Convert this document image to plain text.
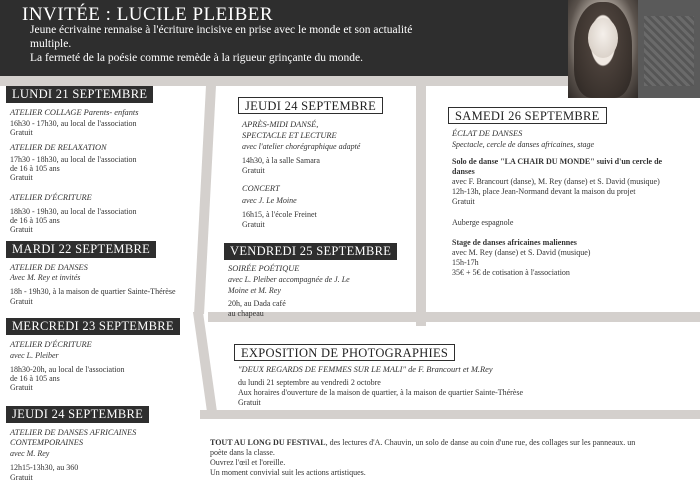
INVITÉE : LUCILE PLEIBER
Jeune écrivaine rennaise à l'écriture incisive en prise avec le monde et son actualité
multiple.
La fermeté de la poésie comme remède à la rigueur grinçante du monde.
LUNDI 21 SEPTEMBRE
ATELIER COLLAGE Parents- enfants
16h30 - 17h30, au local de l'association
Gratuit
ATELIER DE RELAXATION
17h30 - 18h30, au local de l'association
de 16 à 105 ans
Gratuit
ATELIER D'ÉCRITURE
18h30 - 19h30, au local de l'association
de 16 à 105 ans
Gratuit
MARDI 22 SEPTEMBRE
ATELIER DE DANSES
Avec M. Rey et invités
18h - 19h30, à la maison de quartier Sainte-Thérèse
Gratuit
MERCREDI 23 SEPTEMBRE
ATELIER D'ÉCRITURE
avec L. Pleiber
18h30-20h, au local de l'association
de 16 à 105 ans
Gratuit
JEUDI 24 SEPTEMBRE
ATELIER DE DANSES AFRICAINES
CONTEMPORAINES
avec M. Rey
12h15-13h30, au 360
Gratuit
JEUDI 24 SEPTEMBRE
APRÈS-MIDI DANSÉ,
SPECTACLE ET LECTURE
avec l'atelier chorégraphique adapté
14h30, à la salle Samara
Gratuit
CONCERT
avec J. Le Moine
16h15, à l'école Freinet
Gratuit
VENDREDI 25 SEPTEMBRE
SOIRÉE POÉTIQUE
avec L. Pleiber accompagnée de J. Le
Moine et M. Rey
20h, au Dada café
au chapeau
SAMEDI 26 SEPTEMBRE
ÉCLAT DE DANSES
Spectacle, cercle de danses africaines, stage
Solo de danse "LA CHAIR DU MONDE" suivi d'un cercle de
danses
avec F. Brancourt (danse), M. Rey (danse) et S. David (musique)
12h-13h, place Jean-Normand devant la maison du projet
Gratuit
Auberge espagnole
Stage de danses africaines maliennes
avec M. Rey (danse) et S. David (musique)
15h-17h
35€ + 5€ de cotisation à l'association
EXPOSITION DE PHOTOGRAPHIES
"DEUX REGARDS DE FEMMES SUR LE MALI" de F. Brancourt et M.Rey
du lundi 21 septembre au vendredi 2 octobre
Aux horaires d'ouverture de la maison de quartier, à la maison de quartier Sainte-Thérèse
Gratuit
TOUT AU LONG DU FESTIVAL, des lectures d'A. Chauvin, un solo de danse au coin d'une rue, des collages sur les panneaux. un
poète dans la classe.
Ouvrez l'œil et l'oreille.
Un moment convivial suit les actions artistiques.
